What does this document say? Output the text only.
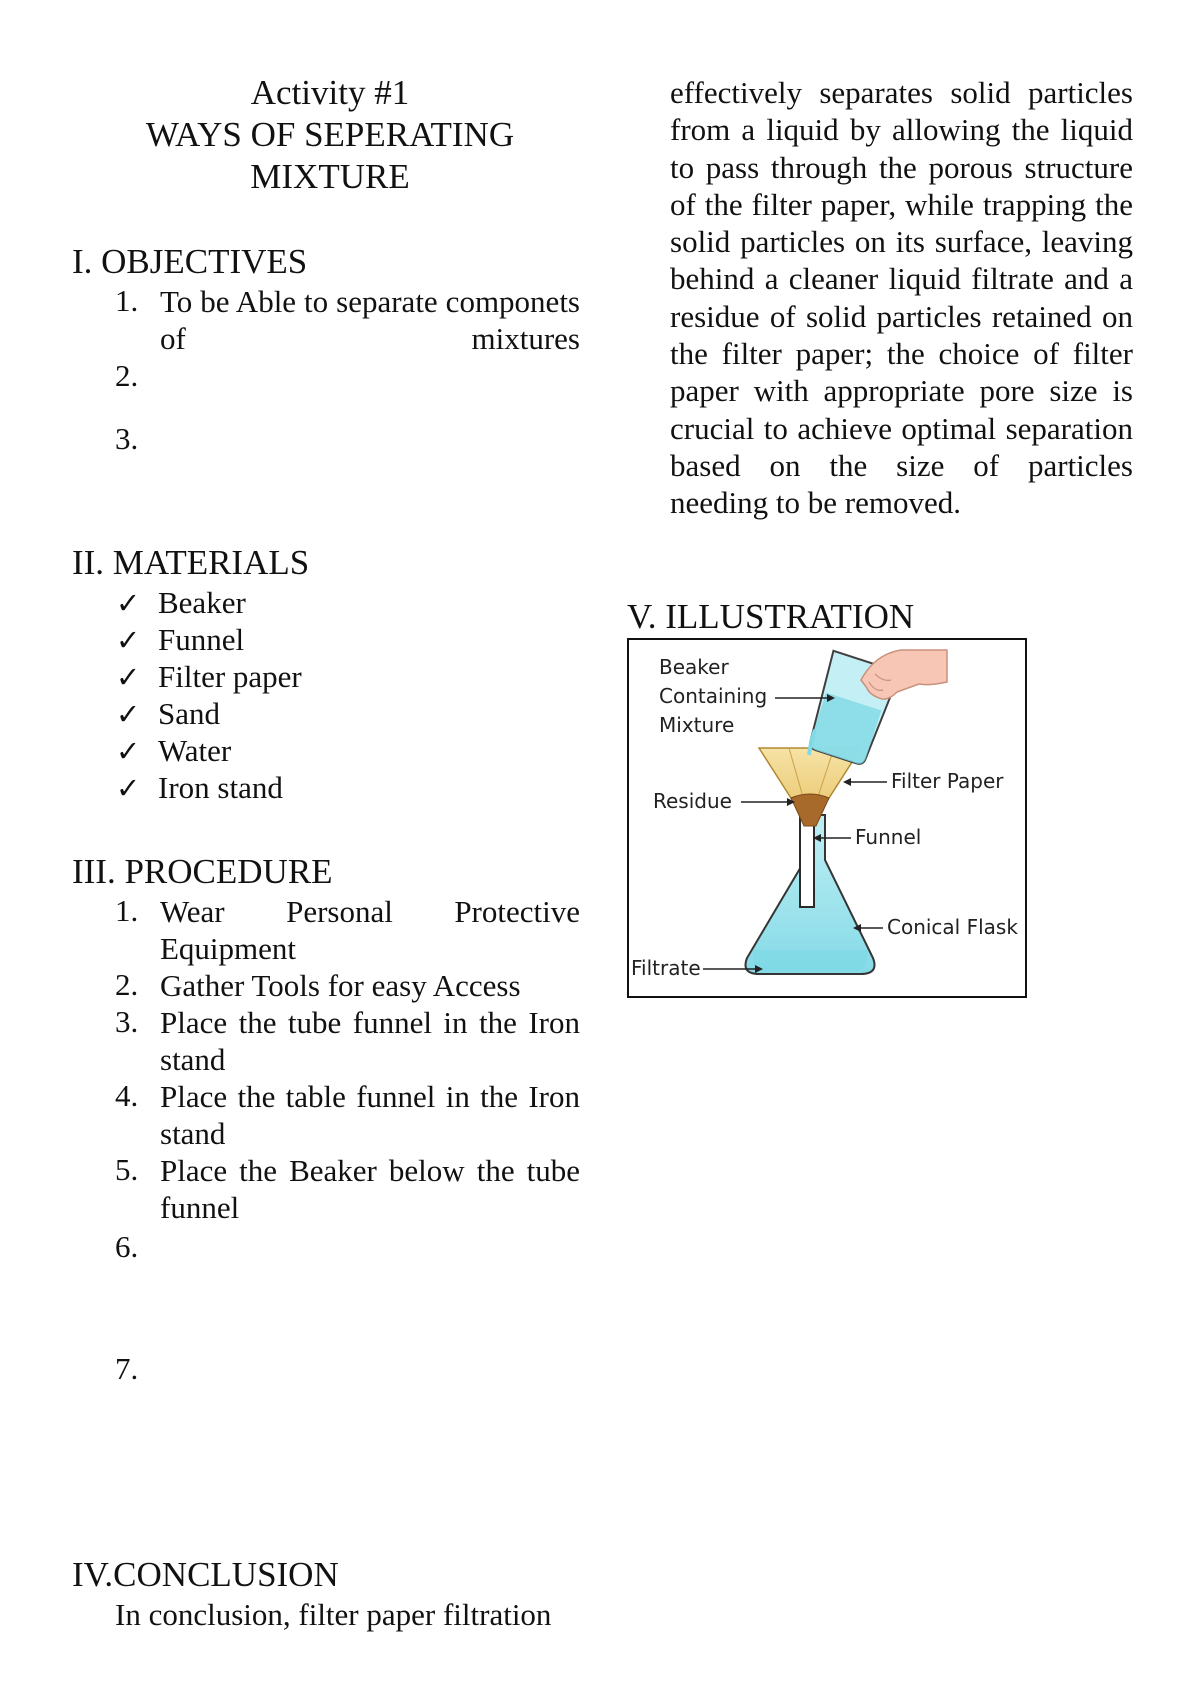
Activity #1
WAYS OF SEPERATING
MIXTURE
I. OBJECTIVES
1. To be Able to separate componets of mixtures
2.
3.
II. MATERIALS
✓ Beaker
✓ Funnel
✓ Filter paper
✓ Sand
✓ Water
✓ Iron stand
III. PROCEDURE
1. Wear Personal Protective Equipment
2. Gather Tools for easy Access
3. Place the tube funnel in the Iron stand
4. Place the table funnel in the Iron stand
5. Place the Beaker below the tube funnel
6.
7.
IV.CONCLUSION
In conclusion, filter paper filtration
effectively separates solid particles from a liquid by allowing the liquid to pass through the porous structure of the filter paper, while trapping the solid particles on its surface, leaving behind a cleaner liquid filtrate and a residue of solid particles retained on the filter paper; the choice of filter paper with appropriate pore size is crucial to achieve optimal separation based on the size of particles needing to be removed.
V. ILLUSTRATION
Beaker
Containing
Mixture
Filter Paper
Residue
Funnel
Conical Flask
Filtrate
